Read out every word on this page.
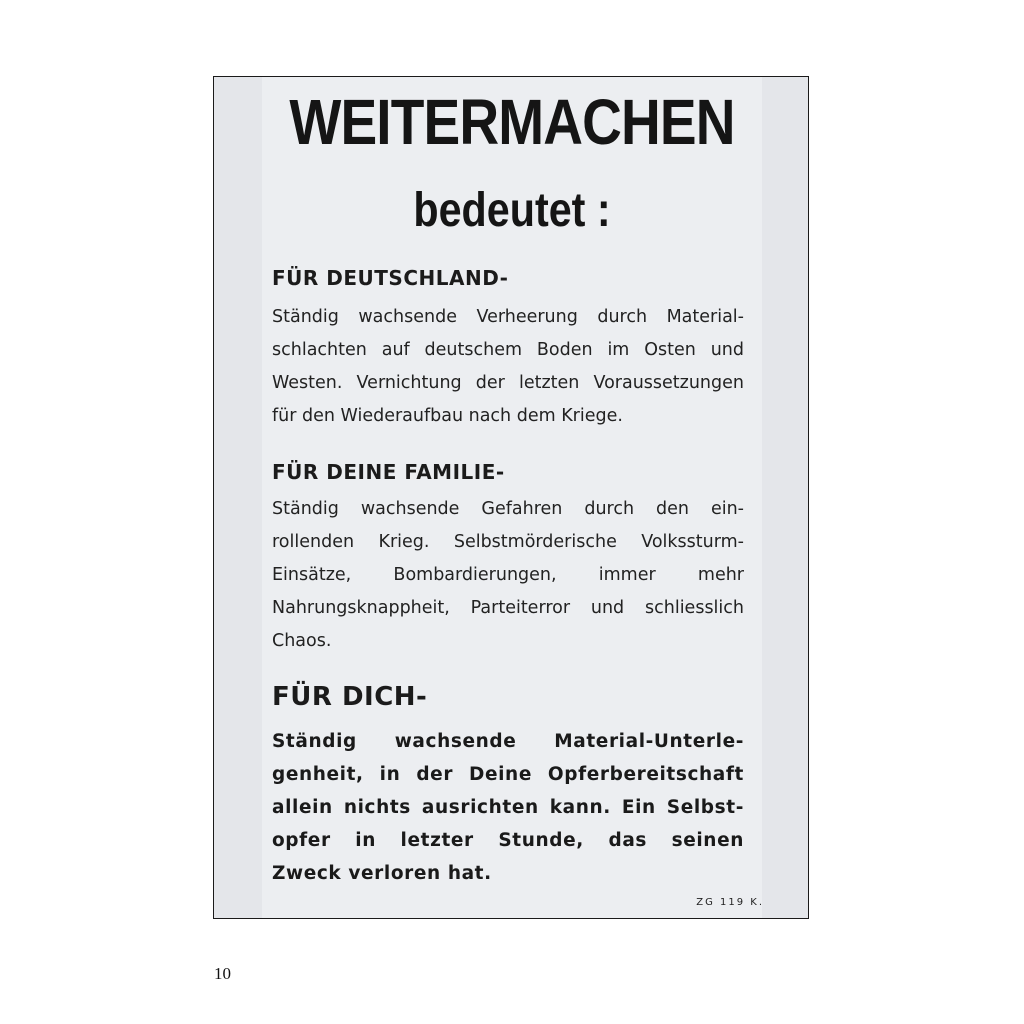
WEITERMACHEN
bedeutet :

FÜR DEUTSCHLAND-

Ständig wachsende Verheerung durch Material-
schlachten auf deutschem Boden im Osten und
Westen. Vernichtung der letzten Voraussetzungen
für den Wiederaufbau nach dem Kriege.

FÜR DEINE FAMILIE-

Ständig wachsende Gefahren durch den ein-
rollenden Krieg. Selbstmörderische Volkssturm-
Einsätze, Bombardierungen, immer mehr
Nahrungsknappheit, Parteiterror und schliesslich
Chaos.

FÜR DICH-

Ständig wachsende Material-Unterle-
genheit, in der Deine Opferbereitschaft
allein nichts ausrichten kann. Ein Selbst-
opfer in letzter Stunde, das seinen
Zweck verloren hat.
ZG 119 K.
10
